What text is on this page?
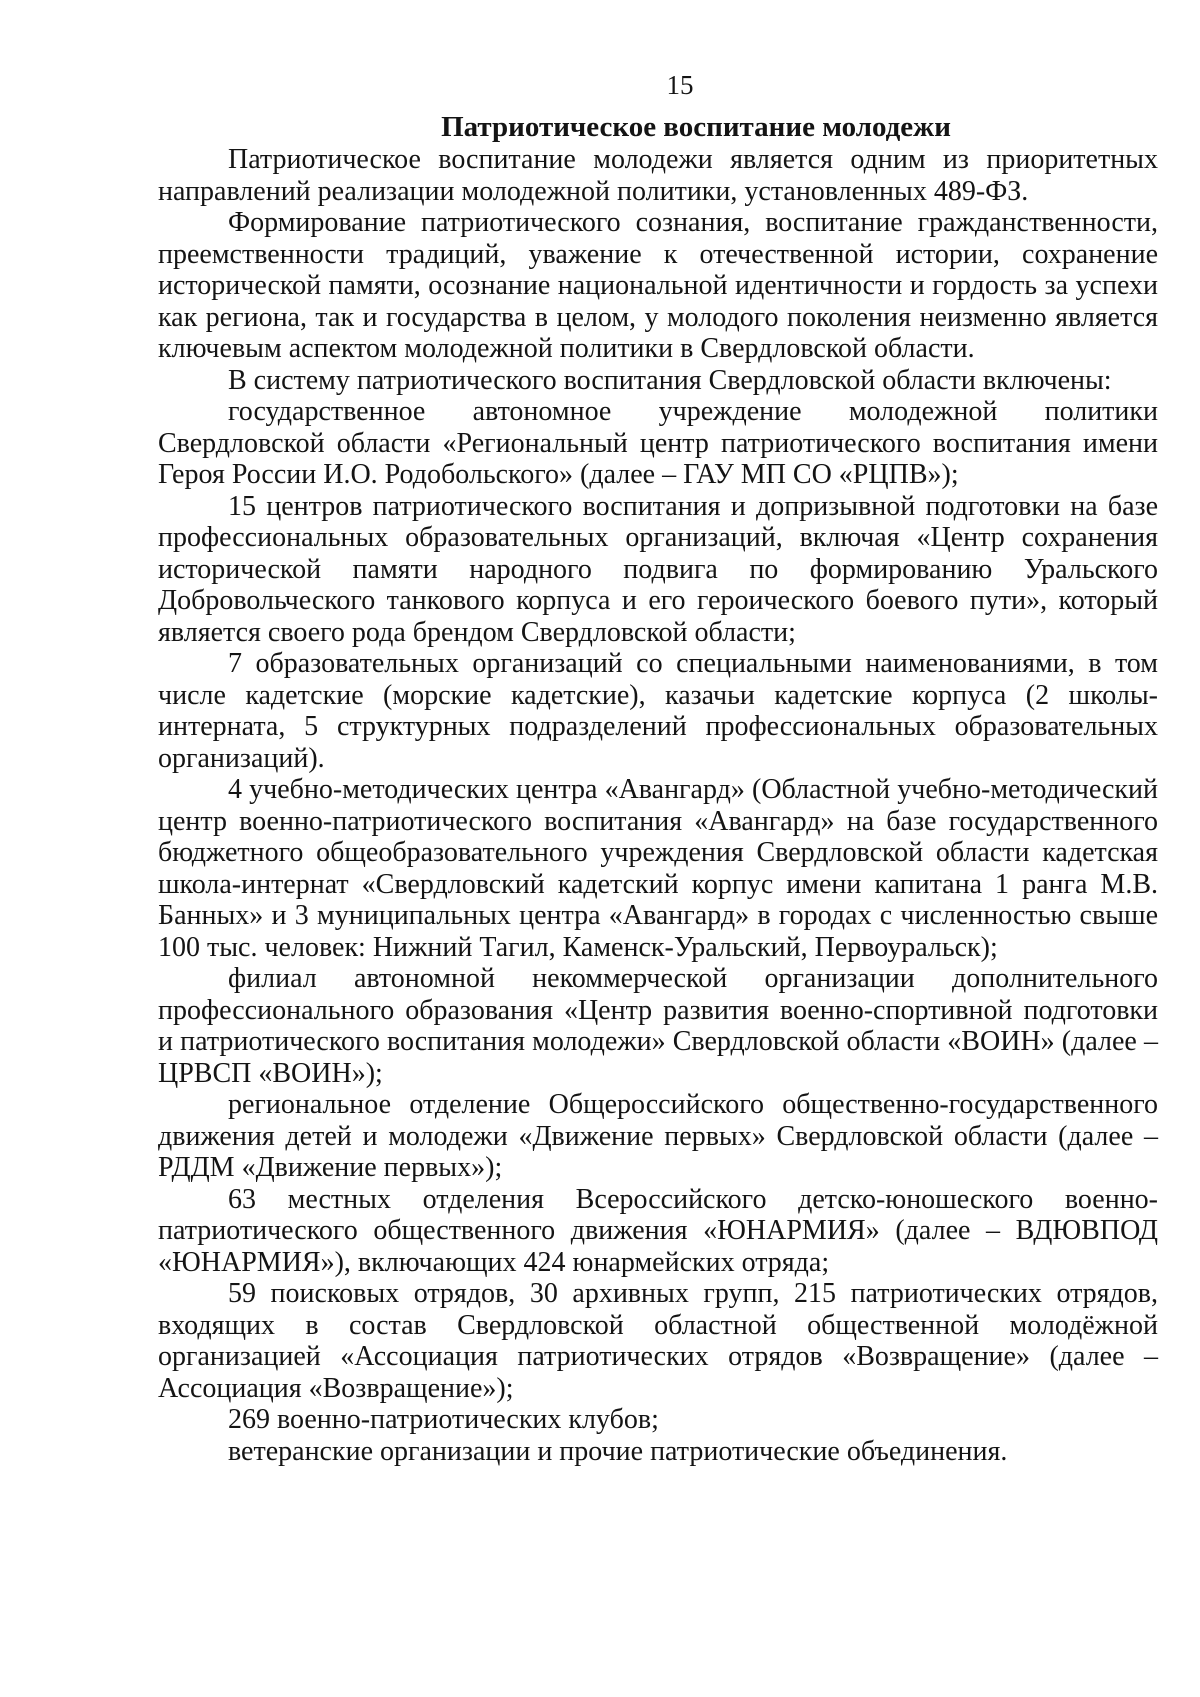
15
Патриотическое воспитание молодежи

Патриотическое воспитание молодежи является одним из приоритетных направлений реализации молодежной политики, установленных 489-ФЗ.

Формирование патриотического сознания, воспитание гражданственности, преемственности традиций, уважение к отечественной истории, сохранение исторической памяти, осознание национальной идентичности и гордость за успехи как региона, так и государства в целом, у молодого поколения неизменно является ключевым аспектом молодежной политики в Свердловской области.

В систему патриотического воспитания Свердловской области включены:

государственное автономное учреждение молодежной политики Свердловской области «Региональный центр патриотического воспитания имени Героя России И.О. Родобольского» (далее – ГАУ МП СО «РЦПВ»);

15 центров патриотического воспитания и допризывной подготовки на базе профессиональных образовательных организаций, включая «Центр сохранения исторической памяти народного подвига по формированию Уральского Добровольческого танкового корпуса и его героического боевого пути», который является своего рода брендом Свердловской области;

7 образовательных организаций со специальными наименованиями, в том числе кадетские (морские кадетские), казачьи кадетские корпуса (2 школы-интерната, 5 структурных подразделений профессиональных образовательных организаций).

4 учебно-методических центра «Авангард» (Областной учебно-методический центр военно-патриотического воспитания «Авангард» на базе государственного бюджетного общеобразовательного учреждения Свердловской области кадетская школа-интернат «Свердловский кадетский корпус имени капитана 1 ранга М.В. Банных» и 3 муниципальных центра «Авангард» в городах с численностью свыше 100 тыс. человек: Нижний Тагил, Каменск-Уральский, Первоуральск);

филиал автономной некоммерческой организации дополнительного профессионального образования «Центр развития военно-спортивной подготовки и патриотического воспитания молодежи» Свердловской области «ВОИН» (далее – ЦРВСП «ВОИН»);

региональное отделение Общероссийского общественно-государственного движения детей и молодежи «Движение первых» Свердловской области (далее – РДДМ «Движение первых»);

63 местных отделения Всероссийского детско-юношеского военно-патриотического общественного движения «ЮНАРМИЯ» (далее – ВДЮВПОД «ЮНАРМИЯ»), включающих 424 юнармейских отряда;

59 поисковых отрядов, 30 архивных групп, 215 патриотических отрядов, входящих в состав Свердловской областной общественной молодёжной организацией «Ассоциация патриотических отрядов «Возвращение» (далее – Ассоциация «Возвращение»);

269 военно-патриотических клубов;

ветеранские организации и прочие патриотические объединения.
